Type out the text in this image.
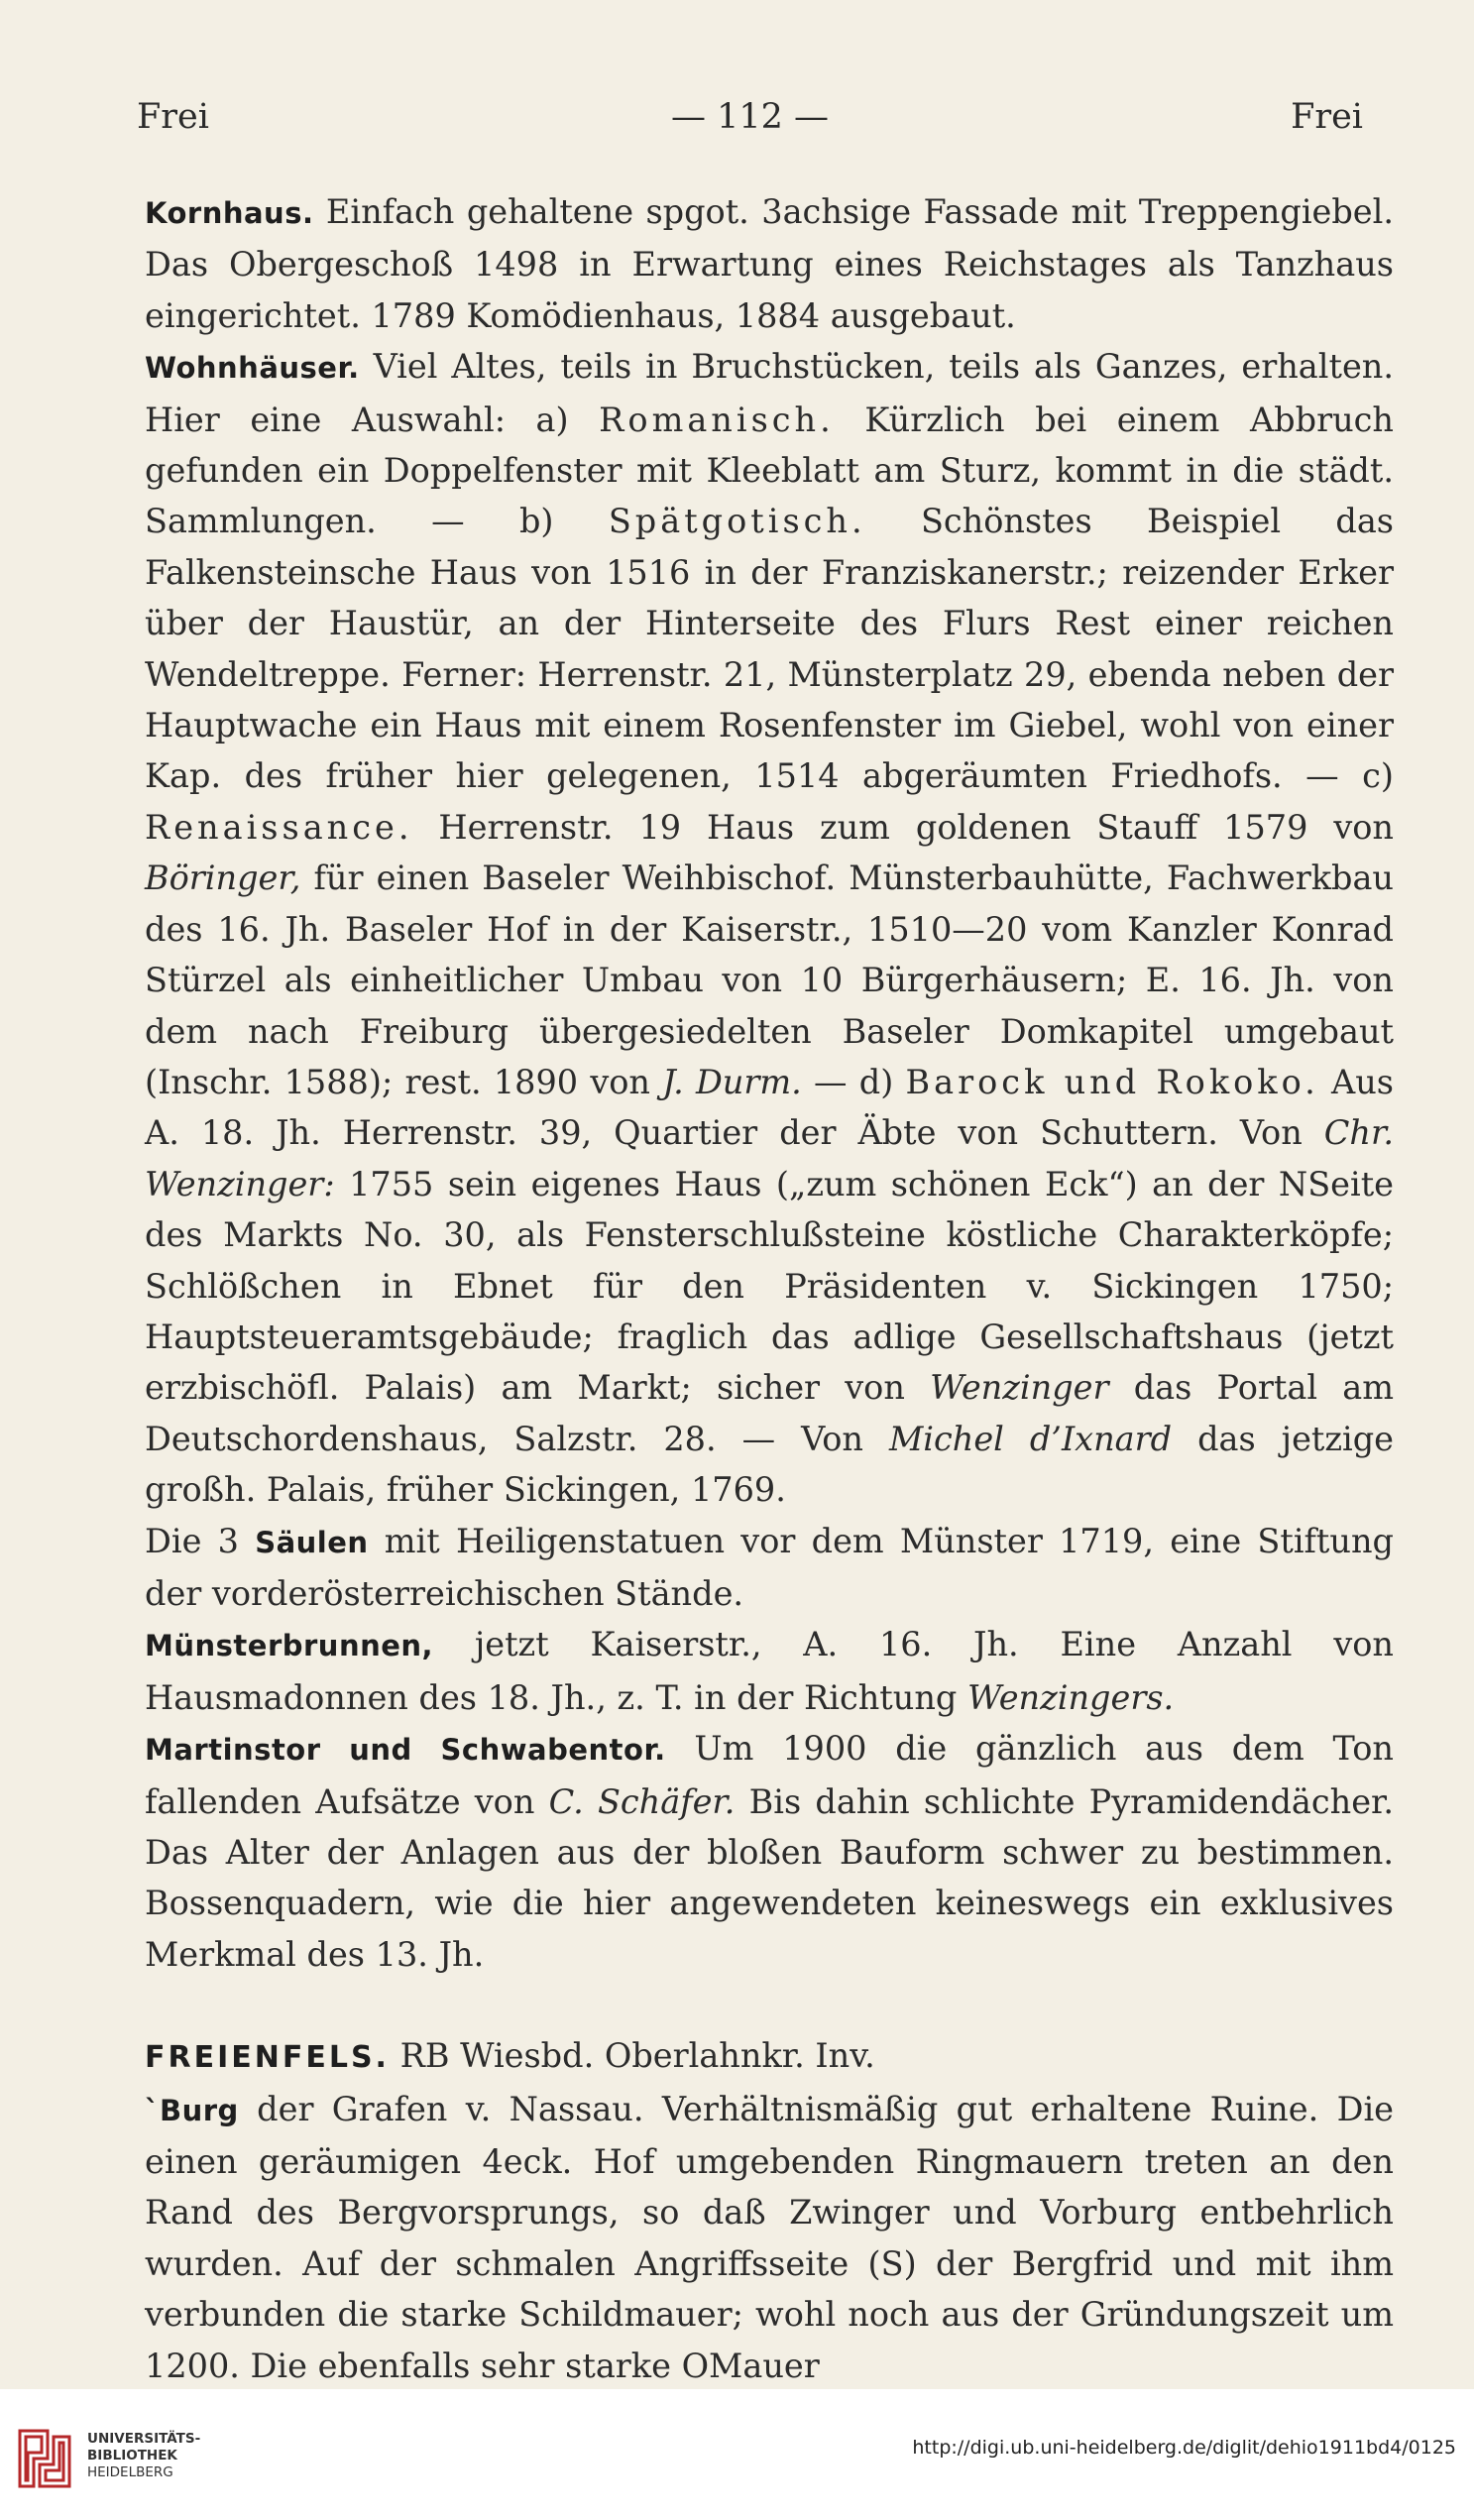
Frei	— 112 —	Frei

Kornhaus. Einfach gehaltene spgot. 3achsige Fassade mit Treppengiebel. Das Obergeschoß 1498 in Erwartung eines Reichstages als Tanzhaus eingerichtet. 1789 Komödienhaus, 1884 ausgebaut.

Wohnhäuser. Viel Altes, teils in Bruchstücken, teils als Ganzes, erhalten. Hier eine Auswahl: a) Romanisch. Kürzlich bei einem Abbruch gefunden ein Doppelfenster mit Kleeblatt am Sturz, kommt in die städt. Sammlungen. — b) Spätgotisch. Schönstes Beispiel das Falkensteinsche Haus von 1516 in der Franziskanerstr.; reizender Erker über der Haustür, an der Hinterseite des Flurs Rest einer reichen Wendeltreppe. Ferner: Herrenstr. 21, Münsterplatz 29, ebenda neben der Hauptwache ein Haus mit einem Rosenfenster im Giebel, wohl von einer Kap. des früher hier gelegenen, 1514 abgeräumten Friedhofs. — c) Renaissance. Herrenstr. 19 Haus zum goldenen Stauff 1579 von Böringer, für einen Baseler Weihbischof. Münsterbauhütte, Fachwerkbau des 16. Jh. Baseler Hof in der Kaiserstr., 1510—20 vom Kanzler Konrad Stürzel als einheitlicher Umbau von 10 Bürgerhäusern; E. 16. Jh. von dem nach Freiburg übergesiedelten Baseler Domkapitel umgebaut (Inschr. 1588); rest. 1890 von J. Durm. — d) Barock und Rokoko. Aus A. 18. Jh. Herrenstr. 39, Quartier der Äbte von Schuttern. Von Chr. Wenzinger: 1755 sein eigenes Haus („zum schönen Eck“) an der NSeite des Markts No. 30, als Fensterschlußsteine köstliche Charakterköpfe; Schlößchen in Ebnet für den Präsidenten v. Sickingen 1750; Hauptsteueramtsgebäude; fraglich das adlige Gesellschaftshaus (jetzt erzbischöfl. Palais) am Markt; sicher von Wenzinger das Portal am Deutschordenshaus, Salzstr. 28. — Von Michel d’Ixnard das jetzige großh. Palais, früher Sickingen, 1769.

Die 3 Säulen mit Heiligenstatuen vor dem Münster 1719, eine Stiftung der vorderösterreichischen Stände.

Münsterbrunnen, jetzt Kaiserstr., A. 16. Jh. Eine Anzahl von Hausmadonnen des 18. Jh., z. T. in der Richtung Wenzingers.

Martinstor und Schwabentor. Um 1900 die gänzlich aus dem Ton fallenden Aufsätze von C. Schäfer. Bis dahin schlichte Pyramidendächer. Das Alter der Anlagen aus der bloßen Bauform schwer zu bestimmen. Bossenquadern, wie die hier angewendeten keineswegs ein exklusives Merkmal des 13. Jh.

FREIENFELS. RB Wiesbd. Oberlahnkr. Inv.

`Burg der Grafen v. Nassau. Verhältnismäßig gut erhaltene Ruine. Die einen geräumigen 4eck. Hof umgebenden Ringmauern treten an den Rand des Bergvorsprungs, so daß Zwinger und Vorburg entbehrlich wurden. Auf der schmalen Angriffsseite (S) der Bergfrid und mit ihm verbunden die starke Schildmauer; wohl noch aus der Gründungszeit um 1200. Die ebenfalls sehr starke OMauer

UNIVERSITÄTS-
BIBLIOTHEK
HEIDELBERG
http://digi.ub.uni-heidelberg.de/diglit/dehio1911bd4/0125
